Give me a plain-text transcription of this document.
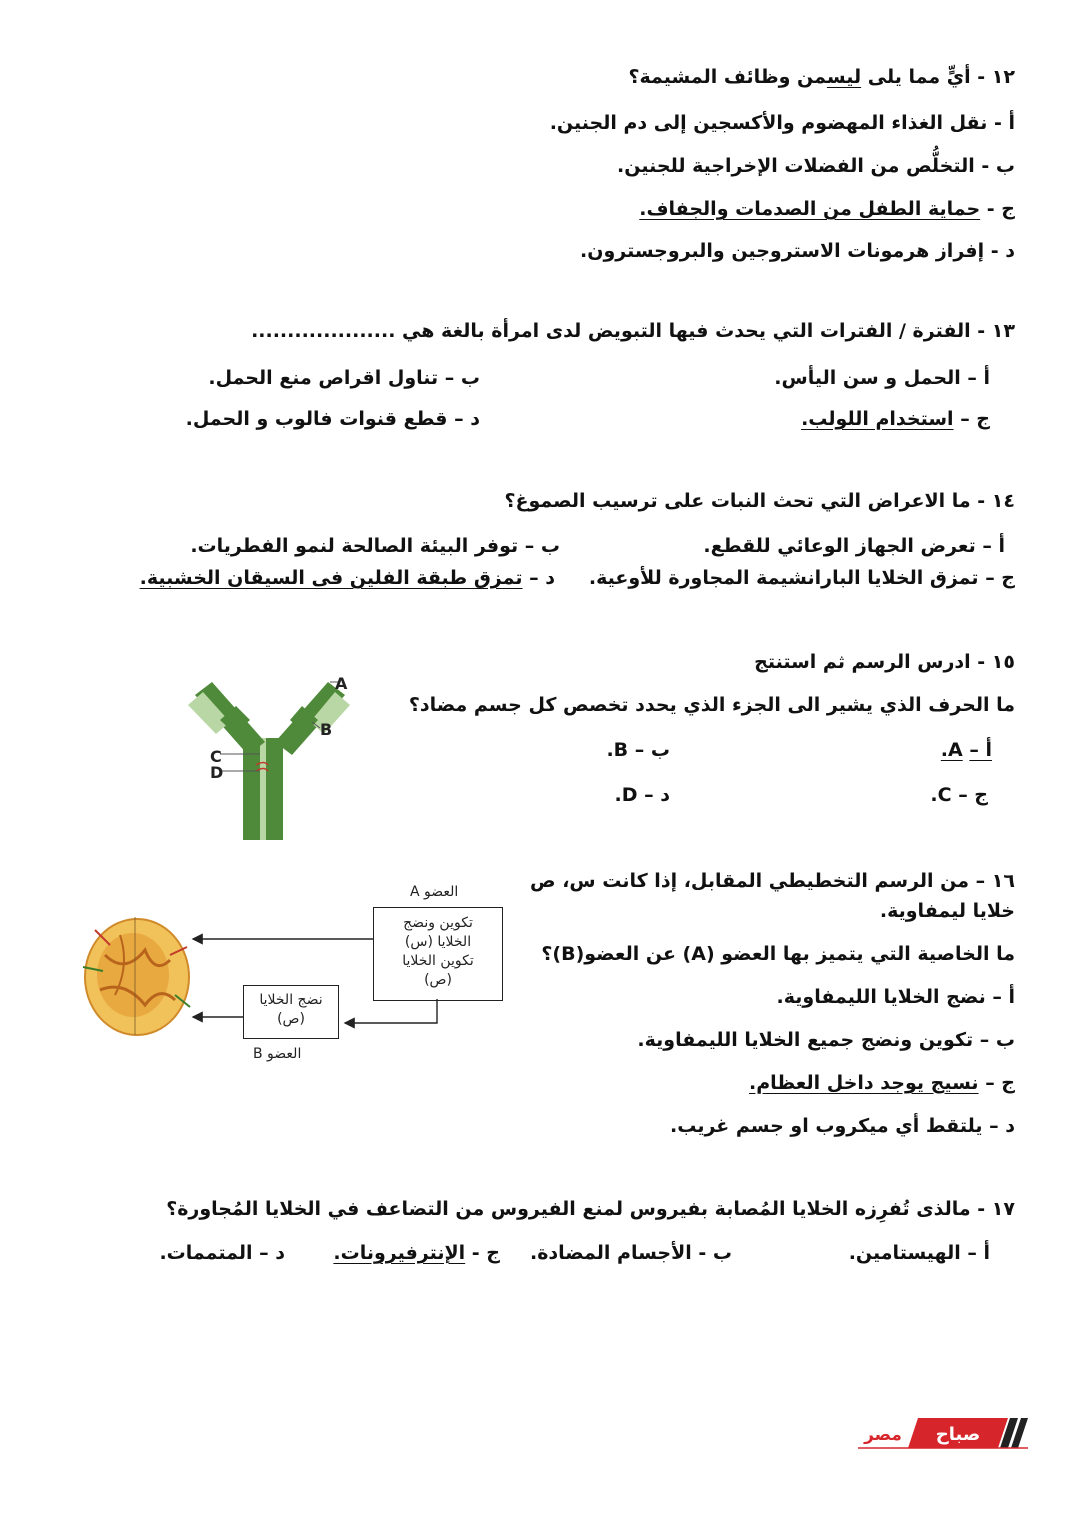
١٢ - أيٍّ مما يلى ليسمن وظائف المشيمة؟
أ - نقل الغذاء المهضوم والأكسجين إلى دم الجنين.
ب - التخلُّص من الفضلات الإخراجية للجنين.
ج - حماية الطفل من الصدمات والجفاف.
د - إفراز هرمونات الاستروجين والبروجسترون.
١٣ - الفترة / الفترات التي يحدث فيها التبويض لدى امرأة بالغة هي ....................
أ – الحمل و سن اليأس.
ب – تناول اقراص منع الحمل.
ج – استخدام اللولب.
د – قطع قنوات فالوب و الحمل.
١٤ - ما الاعراض التي تحث النبات على ترسيب الصموغ؟
أ – تعرض الجهاز الوعائي للقطع.
ب – توفر البيئة الصالحة لنمو الفطريات.
ج – تمزق الخلايا البارانشيمة المجاورة للأوعية.
د – تمزق طبقة الفلين فى السيقان الخشبية.
١٥ - ادرس الرسم ثم استنتج
ما الحرف الذي يشير الى الجزء الذي يحدد تخصص كل جسم مضاد؟
أ – A.
ب – B.
ج – C.
د – D.
A
B
C
D
١٦ – من الرسم التخطيطي المقابل، إذا كانت س، ص
خلايا ليمفاوية.
ما الخاصية التي يتميز بها العضو (A) عن العضو(B)؟
أ – نضج الخلايا الليمفاوية.
ب – تكوين ونضج جميع الخلايا الليمفاوية.
ج – نسيج يوجد داخل العظام.
د – يلتقط أي ميكروب او جسم غريب.
العضو A
تكوين ونضج
الخلايا (س)
تكوين الخلايا
(ص)
نضج الخلايا
(ص)
العضو B
١٧ - مالذى تُفرِزه الخلايا المُصابة بفيروس لمنع الفيروس من التضاعف في الخلايا المُجاورة؟
أ – الهيستامين.
ب - الأجسام المضادة.
ج - الإنترفيرونات.
د – المتممات.
صباح
مصر
